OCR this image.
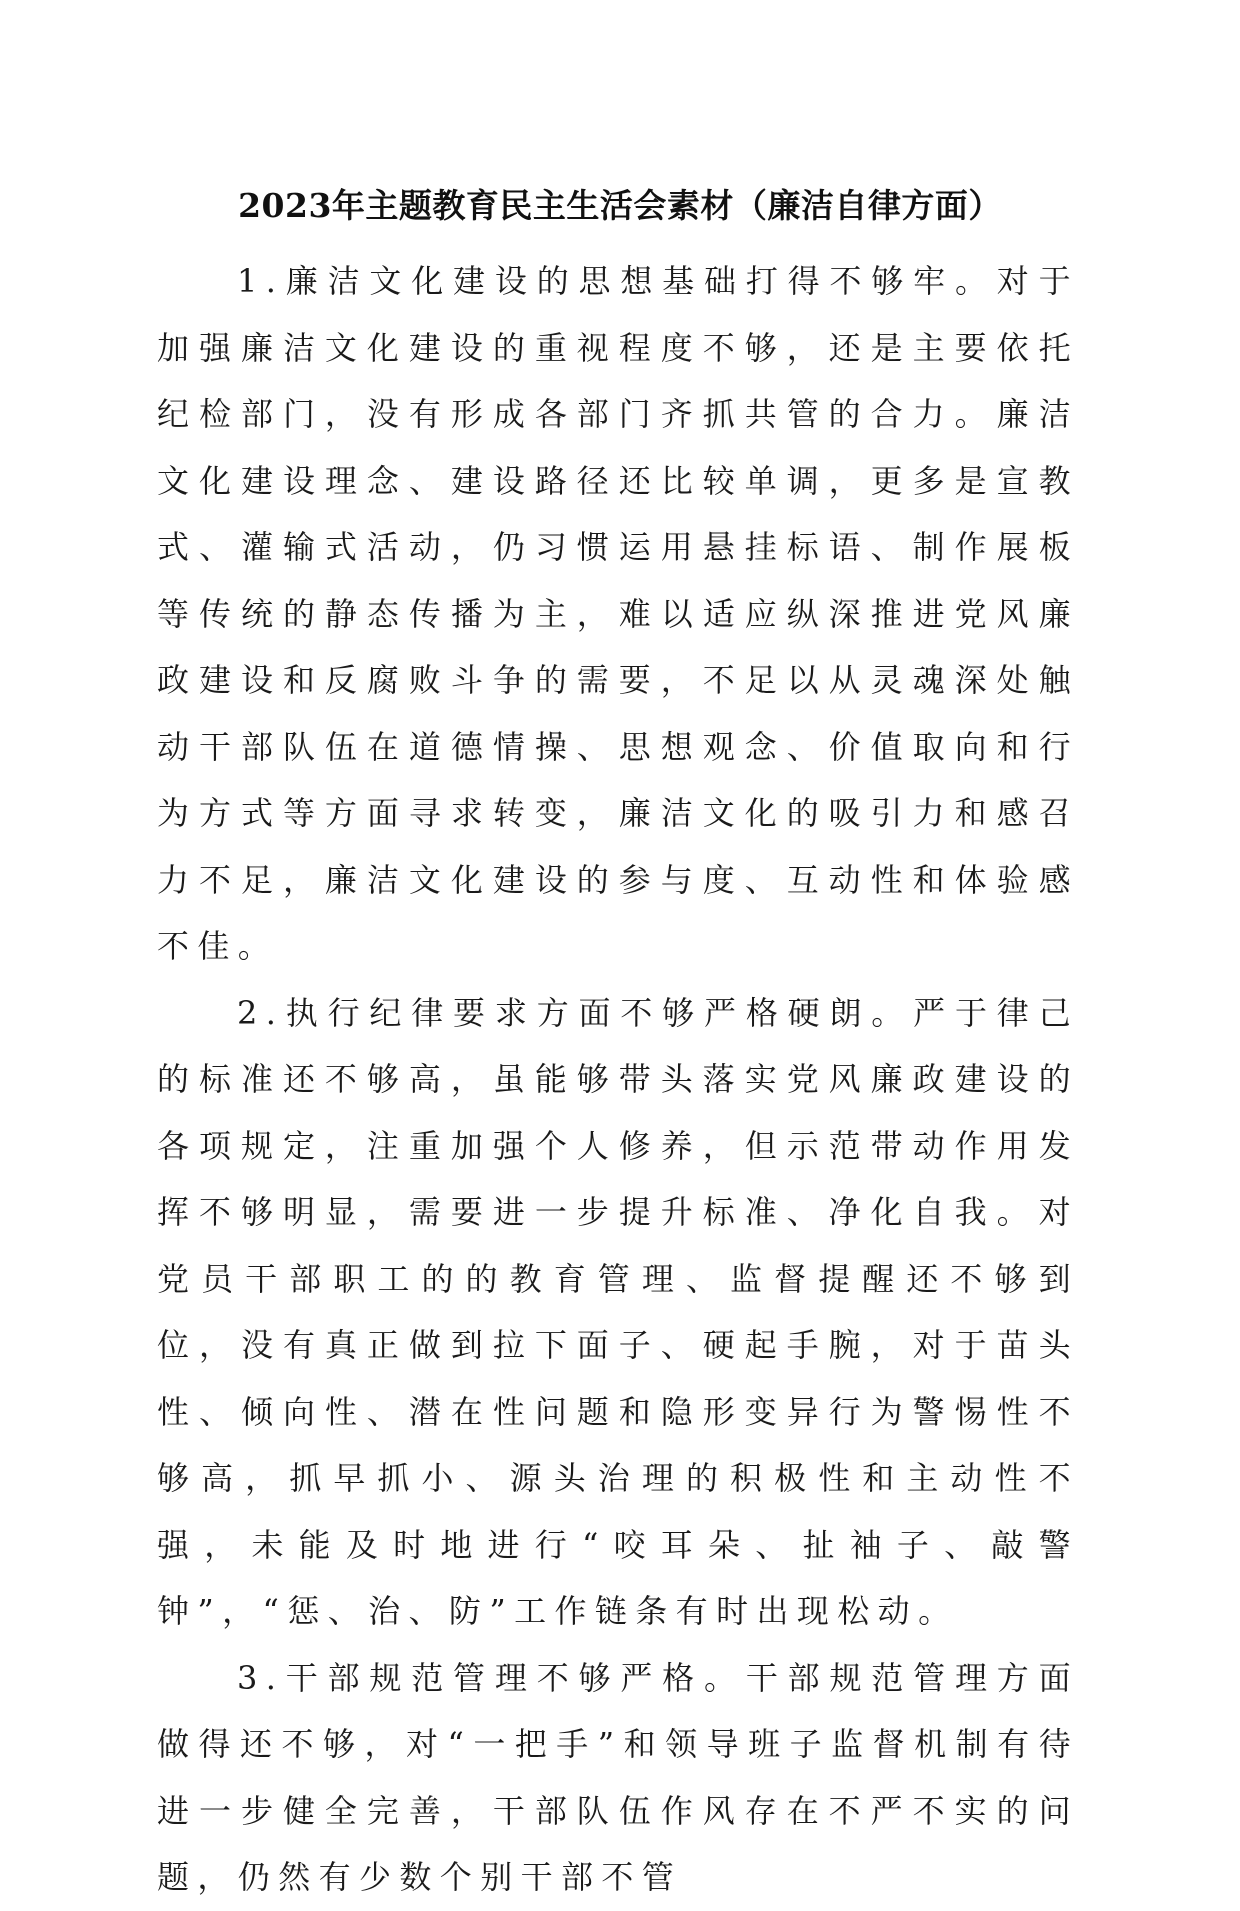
2023年主题教育民主生活会素材（廉洁自律方面）

1.廉洁文化建设的思想基础打得不够牢。对于加强廉洁文化建设的重视程度不够，还是主要依托纪检部门，没有形成各部门齐抓共管的合力。廉洁文化建设理念、建设路径还比较单调，更多是宣教式、灌输式活动，仍习惯运用悬挂标语、制作展板等传统的静态传播为主，难以适应纵深推进党风廉政建设和反腐败斗争的需要，不足以从灵魂深处触动干部队伍在道德情操、思想观念、价值取向和行为方式等方面寻求转变，廉洁文化的吸引力和感召力不足，廉洁文化建设的参与度、互动性和体验感不佳。

2.执行纪律要求方面不够严格硬朗。严于律己的标准还不够高，虽能够带头落实党风廉政建设的各项规定，注重加强个人修养，但示范带动作用发挥不够明显，需要进一步提升标准、净化自我。对党员干部职工的的教育管理、监督提醒还不够到位，没有真正做到拉下面子、硬起手腕，对于苗头性、倾向性、潜在性问题和隐形变异行为警惕性不够高，抓早抓小、源头治理的积极性和主动性不强，未能及时地进行“咬耳朵、扯袖子、敲警钟”，“惩、治、防”工作链条有时出现松动。

3.干部规范管理不够严格。干部规范管理方面做得还不够，对“一把手”和领导班子监督机制有待进一步健全完善，干部队伍作风存在不严不实的问题，仍然有少数个别干部不管
